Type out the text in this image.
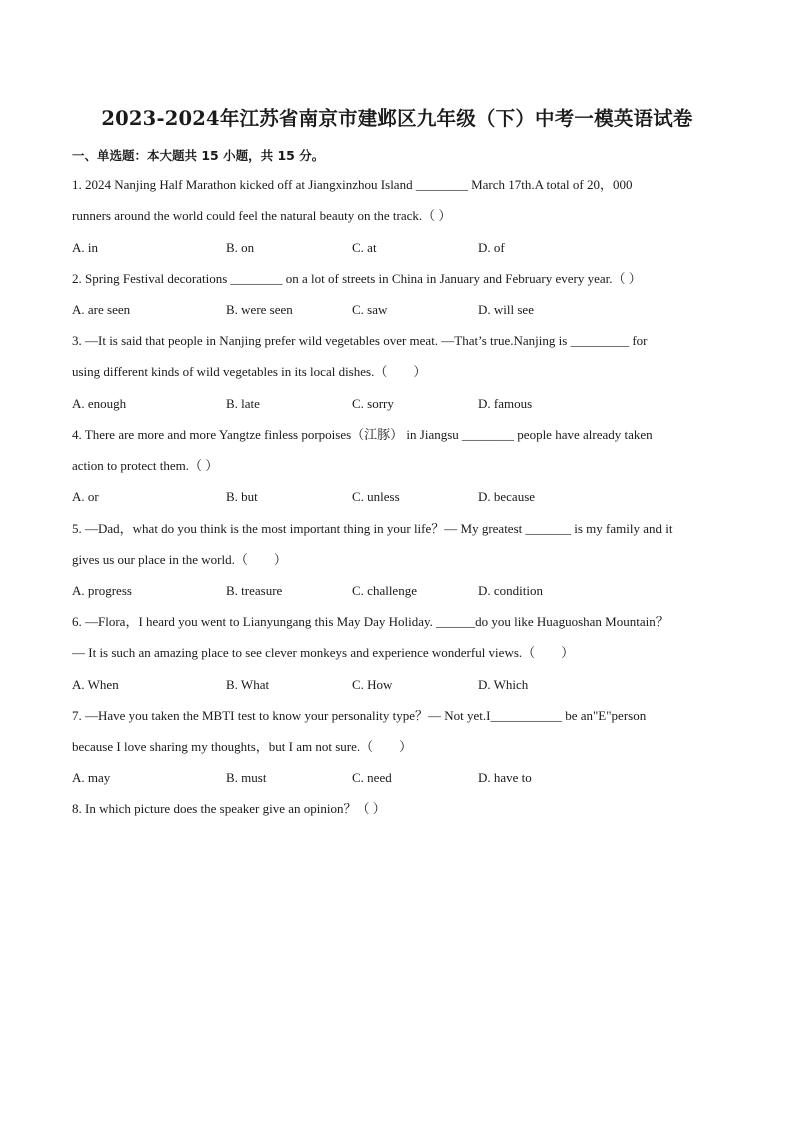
2023-2024年江苏省南京市建邺区九年级（下）中考一模英语试卷
一、单选题：本大题共 15 小题，共 15 分。
1. 2024 Nanjing Half Marathon kicked off at Jiangxinzhou Island ________ March 17th.A total of 20，000
runners around the world could feel the natural beauty on the track.（ ）
A. in	B. on	C. at	D. of
2. Spring Festival decorations ________ on a lot of streets in China in January and February every year.（ ）
A. are seen	B. were seen	C. saw	D. will see
3. —It is said that people in Nanjing prefer wild vegetables over meat. —That’s true.Nanjing is _________ for
using different kinds of wild vegetables in its local dishes.（　　）
A. enough	B. late	C. sorry	D. famous
4. There are more and more Yangtze finless porpoises（江豚） in Jiangsu ________ people have already taken
action to protect them.（ ）
A. or	B. but	C. unless	D. because
5. —Dad，what do you think is the most important thing in your life？— My greatest _______ is my family and it
gives us our place in the world.（　　）
A. progress	B. treasure	C. challenge	D. condition
6. —Flora，I heard you went to Lianyungang this May Day Holiday. ______do you like Huaguoshan Mountain？
— It is such an amazing place to see clever monkeys and experience wonderful views.（　　）
A. When	B. What	C. How	D. Which
7. —Have you taken the MBTI test to know your personality type？— Not yet.I___________ be an"E"person
because I love sharing my thoughts，but I am not sure.（　　）
A. may	B. must	C. need	D. have to
8. In which picture does the speaker give an opinion？（ ）
